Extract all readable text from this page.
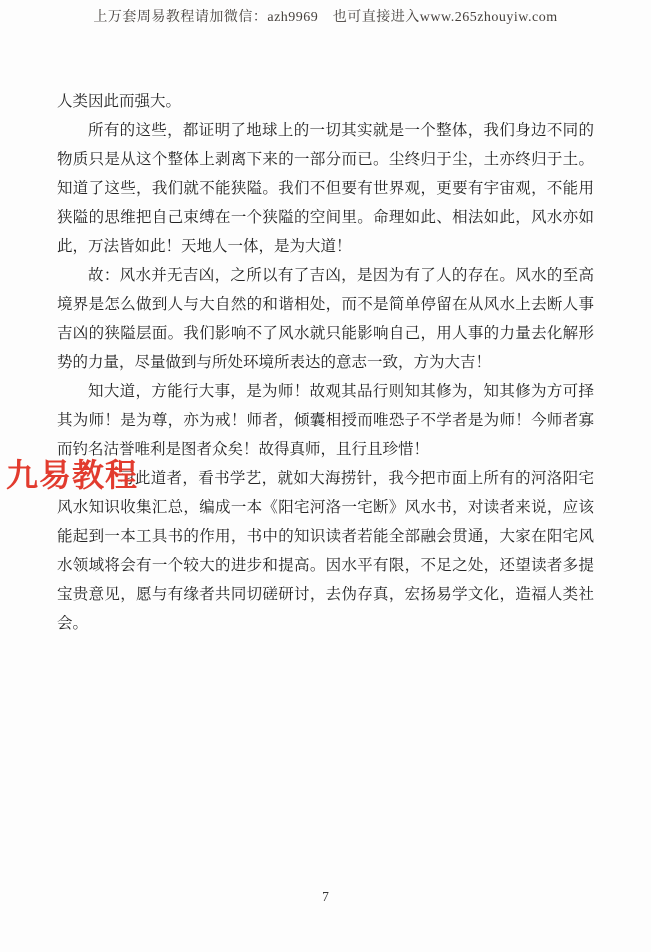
上万套周易教程请加微信：azh9969　也可直接进入www.265zhouyiw.com

人类因此而强大。

所有的这些，都证明了地球上的一切其实就是一个整体，我们身边不同的物质只是从这个整体上剥离下来的一部分而已。尘终归于尘，土亦终归于土。知道了这些，我们就不能狭隘。我们不但要有世界观，更要有宇宙观，不能用狭隘的思维把自己束缚在一个狭隘的空间里。命理如此、相法如此，风水亦如此，万法皆如此！天地人一体，是为大道！

故：风水并无吉凶，之所以有了吉凶，是因为有了人的存在。风水的至高境界是怎么做到人与大自然的和谐相处，而不是简单停留在从风水上去断人事吉凶的狭隘层面。我们影响不了风水就只能影响自己，用人事的力量去化解形势的力量，尽量做到与所处环境所表达的意志一致，方为大吉！

知大道，方能行大事，是为师！故观其品行则知其修为，知其修为方可择其为师！是为尊，亦为戒！师者，倾囊相授而唯恐子不学者是为师！今师者寡而钓名沽誉唯利是图者众矣！故得真师，且行且珍惜！

习此道者，看书学艺，就如大海捞针，我今把市面上所有的河洛阳宅风水知识收集汇总，编成一本《阳宅河洛一宅断》风水书，对读者来说，应该能起到一本工具书的作用，书中的知识读者若能全部融会贯通，大家在阳宅风水领域将会有一个较大的进步和提高。因水平有限，不足之处，还望读者多提宝贵意见，愿与有缘者共同切磋研讨，去伪存真，宏扬易学文化，造福人类社会。

九易教程
7
